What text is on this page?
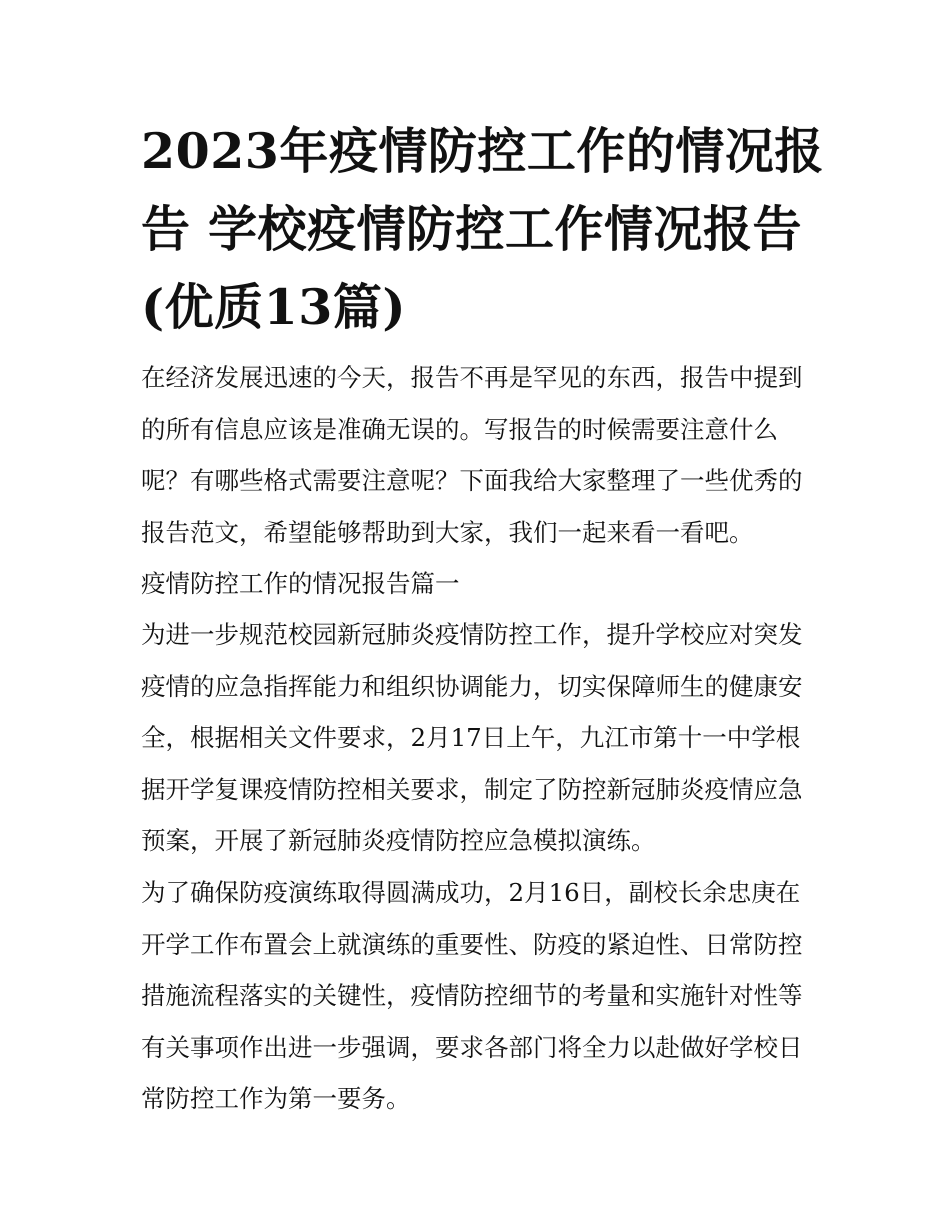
2023年疫情防控工作的情况报
告 学校疫情防控工作情况报告
(优质13篇)

在经济发展迅速的今天，报告不再是罕见的东西，报告中提到
的所有信息应该是准确无误的。写报告的时候需要注意什么
呢？有哪些格式需要注意呢？下面我给大家整理了一些优秀的
报告范文，希望能够帮助到大家，我们一起来看一看吧。

疫情防控工作的情况报告篇一

为进一步规范校园新冠肺炎疫情防控工作，提升学校应对突发
疫情的应急指挥能力和组织协调能力，切实保障师生的健康安
全，根据相关文件要求，2月17日上午，九江市第十一中学根
据开学复课疫情防控相关要求，制定了防控新冠肺炎疫情应急
预案，开展了新冠肺炎疫情防控应急模拟演练。

为了确保防疫演练取得圆满成功，2月16日，副校长余忠庚在
开学工作布置会上就演练的重要性、防疫的紧迫性、日常防控
措施流程落实的关键性，疫情防控细节的考量和实施针对性等
有关事项作出进一步强调，要求各部门将全力以赴做好学校日
常防控工作为第一要务。
